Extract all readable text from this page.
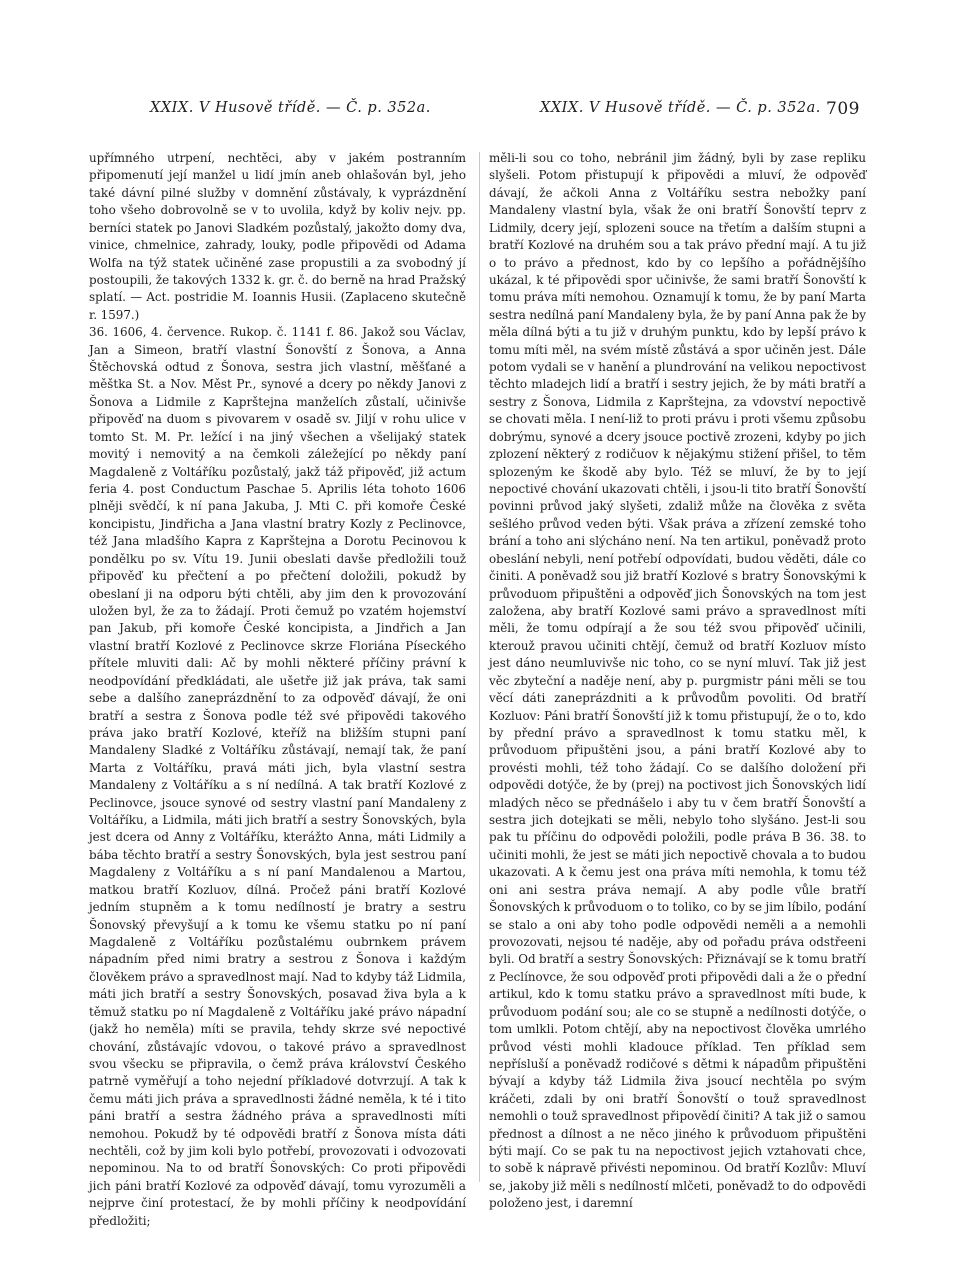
XXIX. V Husově třídě. — Č. p. 352a.	XXIX. V Husově třídě. — Č. p. 352a. 709

upřímného utrpení, nechtěci, aby v jakém postranním připomenutí její manžel u lidí jmín aneb ohlašován byl, jeho také dávní pilné služby v domnění zůstávaly, k vyprázdnění toho všeho dobrovolně se v to uvolila, když by koliv nejv. pp. berníci statek po Janovi Sladkém pozůstalý, jakožto domy dva, vinice, chmelnice, zahrady, louky, podle připovědi od Adama Wolfa na týž statek učiněné zase propustili a za svobodný jí postoupili, že takových 1332 k. gr. č. do berně na hrad Pražský splatí. — Act. postridie M. Ioannis Husii. (Zaplaceno skutečně r. 1597.)

36. 1606, 4. července. Rukop. č. 1141 f. 86. Jakož sou Václav, Jan a Simeon, bratří vlastní Šonovští z Šonova, a Anna Štěchovská odtud z Šonova, sestra jich vlastní, měšťané a měštka St. a Nov. Měst Pr., synové a dcery po někdy Janovi z Šonova a Lidmile z Kaprštejna manželích zůstalí, učinivše připověď na duom s pivovarem v osadě sv. Jiljí v rohu ulice v tomto St. M. Pr. ležící i na jiný všechen a všelijaký statek movitý i nemovitý a na čemkoli záležející po někdy paní Magdaleně z Voltáříku pozůstalý, jakž táž připověď, již actum feria 4. post Conductum Paschae 5. Aprilis léta tohoto 1606 plněji svědčí, k ní pana Jakuba, J. Mti C. při komoře České koncipistu, Jindřicha a Jana vlastní bratry Kozly z Peclinovce, též Jana mladšího Kapra z Kaprštejna a Dorotu Pecinovou k pondělku po sv. Vítu 19. Junii obeslati davše předložili touž připověď ku přečtení a po přečtení doložili, pokudž by obeslaní ji na odporu býti chtěli, aby jim den k provozování uložen byl, že za to žádají. Proti čemuž po vzatém hojemství pan Jakub, při komoře České koncipista, a Jindřich a Jan vlastní bratří Kozlové z Peclinovce skrze Floriána Píseckého přítele mluviti dali: Ač by mohli některé příčiny právní k neodpovídání předkládati, ale ušetře již jak práva, tak sami sebe a dalšího zaneprázdnění to za odpověď dávají, že oni bratří a sestra z Šonova podle též své připovědi takového práva jako bratří Kozlové, kteříž na bližším stupni paní Mandaleny Sladké z Voltáříku zůstávají, nemají tak, že paní Marta z Voltáříku, pravá máti jich, byla vlastní sestra Mandaleny z Voltáříku a s ní nedílná. A tak bratří Kozlové z Peclinovce, jsouce synové od sestry vlastní paní Mandaleny z Voltáříku, a Lidmila, máti jich bratří a sestry Šonovských, byla jest dcera od Anny z Voltáříku, kterážto Anna, máti Lidmily a bába těchto bratří a sestry Šonovských, byla jest sestrou paní Magdaleny z Voltáříku a s ní paní Mandalenou a Martou, matkou bratří Kozluov, dílná. Pročež páni bratří Kozlové jedním stupněm a k tomu nedílností je bratry a sestru Šonovský převyšují a k tomu ke všemu statku po ní paní Magdaleně z Voltáříku pozůstalému oubrnkem právem nápadním před nimi bratry a sestrou z Šonova i každým člověkem právo a spravedlnost mají. Nad to kdyby táž Lidmila, máti jich bratří a sestry Šonovských, posavad živa byla a k těmuž statku po ní Magdaleně z Voltáříku jaké právo nápadní (jakž ho neměla) míti se pravila, tehdy skrze své nepoctivé chování, zůstávajíc vdovou, o takové právo a spravedlnost svou všecku se připravila, o čemž práva království Českého patrně vyměřují a toho nejední příkladové dotvrzují. A tak k čemu máti jich práva a spravedlnosti žádné neměla, k té i tito páni bratří a sestra žádného práva a spravedlnosti míti nemohou. Pokudž by té odpovědi bratří z Šonova místa dáti nechtěli, což by jim koli bylo potřebí, provozovati i odvozovati nepominou. Na to od bratří Šonovských: Co proti připovědi jich páni bratří Kozlové za odpověď dávají, tomu vyrozuměli a nejprve činí protestací, že by mohli příčiny k neodpovídání předložiti;

měli-li sou co toho, nebránil jim žádný, byli by zase repliku slyšeli. Potom přistupují k připovědi a mluví, že odpověď dávají, že ačkoli Anna z Voltáříku sestra nebožky paní Mandaleny vlastní byla, však že oni bratří Šonovští teprv z Lidmily, dcery její, splozeni souce na třetím a dalším stupni a bratří Kozlové na druhém sou a tak právo přední mají. A tu již o to právo a přednost, kdo by co lepšího a pořádnějšího ukázal, k té připovědi spor učinivše, že sami bratří Šonovští k tomu práva míti nemohou. Oznamují k tomu, že by paní Marta sestra nedílná paní Mandaleny byla, že by paní Anna pak že by měla dílná býti a tu již v druhým punktu, kdo by lepší právo k tomu míti měl, na svém místě zůstává a spor učiněn jest. Dále potom vydali se v hanění a plundrování na velikou nepoctivost těchto mladejch lidí a bratří i sestry jejich, že by máti bratří a sestry z Šonova, Lidmila z Kaprštejna, za vdovství nepoctivě se chovati měla. I není-liž to proti právu i proti všemu způsobu dobrýmu, synové a dcery jsouce poctivě zrozeni, kdyby po jich zplození některý z rodičuov k nějakýmu stižení přišel, to těm splozeným ke škodě aby bylo. Též se mluví, že by to její nepoctivé chování ukazovati chtěli, i jsou-li tito bratří Šonovští povinni průvod jaký slyšeti, zdaliž může na člověka z světa sešlého průvod veden býti. Však práva a zřízení zemské toho brání a toho ani slýcháno není. Na ten artikul, poněvadž proto obeslání nebyli, není potřebí odpovídati, budou věděti, dále co činiti. A poněvadž sou již bratří Kozlové s bratry Šonovskými k průvoduom připuštěni a odpověď jich Šonovských na tom jest založena, aby bratří Kozlové sami právo a spravedlnost míti měli, že tomu odpírají a že sou též svou připověď učinili, kterouž pravou učiniti chtějí, čemuž od bratří Kozluov místo jest dáno neumluvivše nic toho, co se nyní mluví. Tak již jest věc zbyteční a naděje není, aby p. purgmistr páni měli se tou věcí dáti zaneprázdniti a k průvodům povoliti. Od bratří Kozluov: Páni bratří Šonovští již k tomu přistupují, že o to, kdo by přední právo a spravedlnost k tomu statku měl, k průvoduom připuštěni jsou, a páni bratří Kozlové aby to provésti mohli, též toho žádají. Co se dalšího doložení při odpovědi dotýče, že by (prej) na poctivost jich Šonovských lidí mladých něco se přednášelo i aby tu v čem bratří Šonovští a sestra jich dotejkati se měli, nebylo toho slyšáno. Jest-li sou pak tu příčinu do odpovědi položili, podle práva B 36. 38. to učiniti mohli, že jest se máti jich nepoctivě chovala a to budou ukazovati. A k čemu jest ona práva míti nemohla, k tomu též oni ani sestra práva nemají. A aby podle vůle bratří Šonovských k průvoduom o to toliko, co by se jim líbilo, podání se stalo a oni aby toho podle odpovědi neměli a a nemohli provozovati, nejsou té naděje, aby od pořadu práva odstřeeni byli. Od bratří a sestry Šonovských: Přiznávají se k tomu bratří z Peclínovce, že sou odpověď proti připovědi dali a že o přední artikul, kdo k tomu statku právo a spravedlnost míti bude, k průvoduom podání sou; ale co se stupně a nedílnosti dotýče, o tom umlkli. Potom chtějí, aby na nepoctivost člověka umrlého průvod vésti mohli kladouce příklad. Ten příklad sem nepřísluší a poněvadž rodičové s dětmi k nápadům připuštěni bývají a kdyby táž Lidmila živa jsoucí nechtěla po svým kráčeti, zdali by oni bratří Šonovští o touž spravedlnost nemohli o touž spravedlnost připovědí činiti? A tak již o samou přednost a dílnost a ne něco jiného k průvoduom připuštěni býti mají. Co se pak tu na nepoctivost jejich vztahovati chce, to sobě k nápravě přivésti nepominou. Od bratří Kozlův: Mluví se, jakoby již měli s nedílností mlčeti, poněvadž to do odpovědi položeno jest, i daremní
